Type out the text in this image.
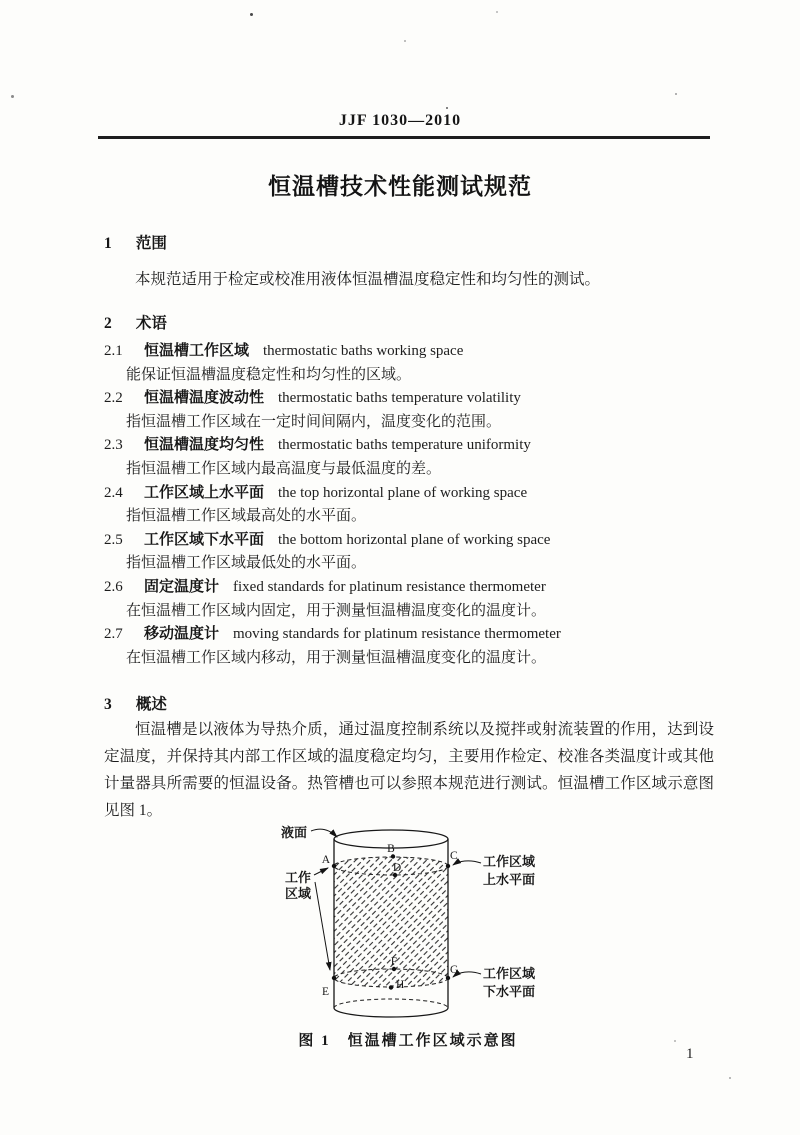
JJF 1030—2010
恒温槽技术性能测试规范
1 范围
本规范适用于检定或校准用液体恒温槽温度稳定性和均匀性的测试。
2 术语
2.1 恒温槽工作区域 thermostatic baths working space
能保证恒温槽温度稳定性和均匀性的区域。
2.2 恒温槽温度波动性 thermostatic baths temperature volatility
指恒温槽工作区域在一定时间间隔内，温度变化的范围。
2.3 恒温槽温度均匀性 thermostatic baths temperature uniformity
指恒温槽工作区域内最高温度与最低温度的差。
2.4 工作区域上水平面 the top horizontal plane of working space
指恒温槽工作区域最高处的水平面。
2.5 工作区域下水平面 the bottom horizontal plane of working space
指恒温槽工作区域最低处的水平面。
2.6 固定温度计 fixed standards for platinum resistance thermometer
在恒温槽工作区域内固定，用于测量恒温槽温度变化的温度计。
2.7 移动温度计 moving standards for platinum resistance thermometer
在恒温槽工作区域内移动，用于测量恒温槽温度变化的温度计。
3 概述
恒温槽是以液体为导热介质，通过温度控制系统以及搅拌或射流装置的作用，达到设定温度，并保持其内部工作区域的温度稳定均匀，主要用作检定、校准各类温度计或其他计量器具所需要的恒温设备。热管槽也可以参照本规范进行测试。恒温槽工作区域示意图见图 1。
A
B
C
D
E
F
G
H
液面
工作
区域
工作区域
上水平面
工作区域
下水平面
图 1　恒温槽工作区域示意图
1
